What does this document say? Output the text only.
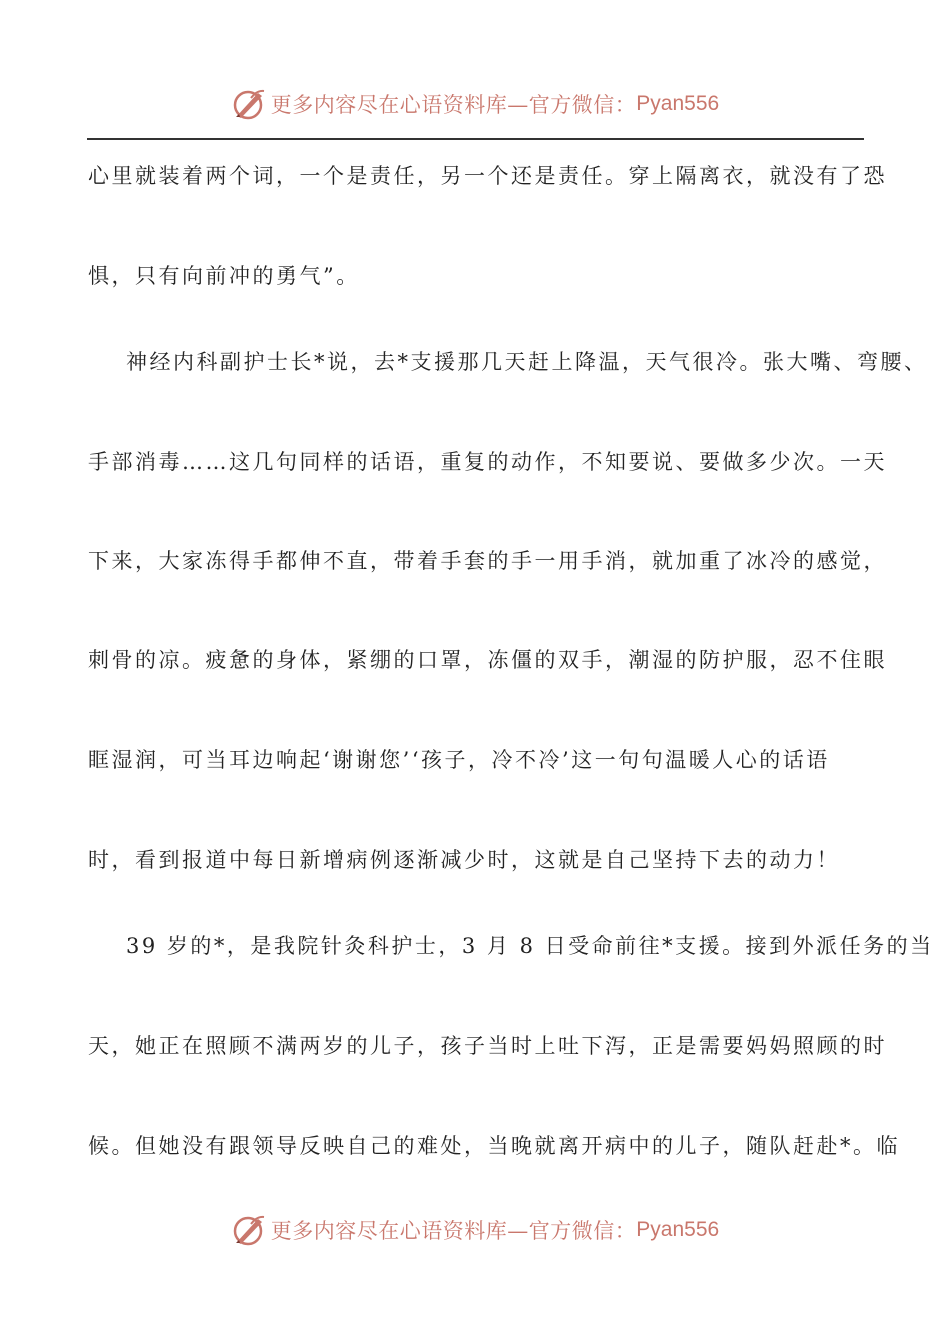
更多内容尽在心语资料库—官方微信： Pyan556
心里就装着两个词，一个是责任，另一个还是责任。穿上隔离衣，就没有了恐
惧，只有向前冲的勇气”。
神经内科副护士长*说，去*支援那几天赶上降温，天气很冷。张大嘴、弯腰、
手部消毒……这几句同样的话语，重复的动作，不知要说、要做多少次。一天
下来，大家冻得手都伸不直，带着手套的手一用手消，就加重了冰冷的感觉，
刺骨的凉。疲惫的身体，紧绷的口罩，冻僵的双手，潮湿的防护服，忍不住眼
眶湿润，可当耳边响起‘谢谢您’‘孩子，冷不冷’这一句句温暖人心的话语
时，看到报道中每日新增病例逐渐减少时，这就是自己坚持下去的动力！
39 岁的*，是我院针灸科护士，3 月 8 日受命前往*支援。接到外派任务的当
天，她正在照顾不满两岁的儿子，孩子当时上吐下泻，正是需要妈妈照顾的时
候。但她没有跟领导反映自己的难处，当晚就离开病中的儿子，随队赶赴*。临
更多内容尽在心语资料库—官方微信： Pyan556
